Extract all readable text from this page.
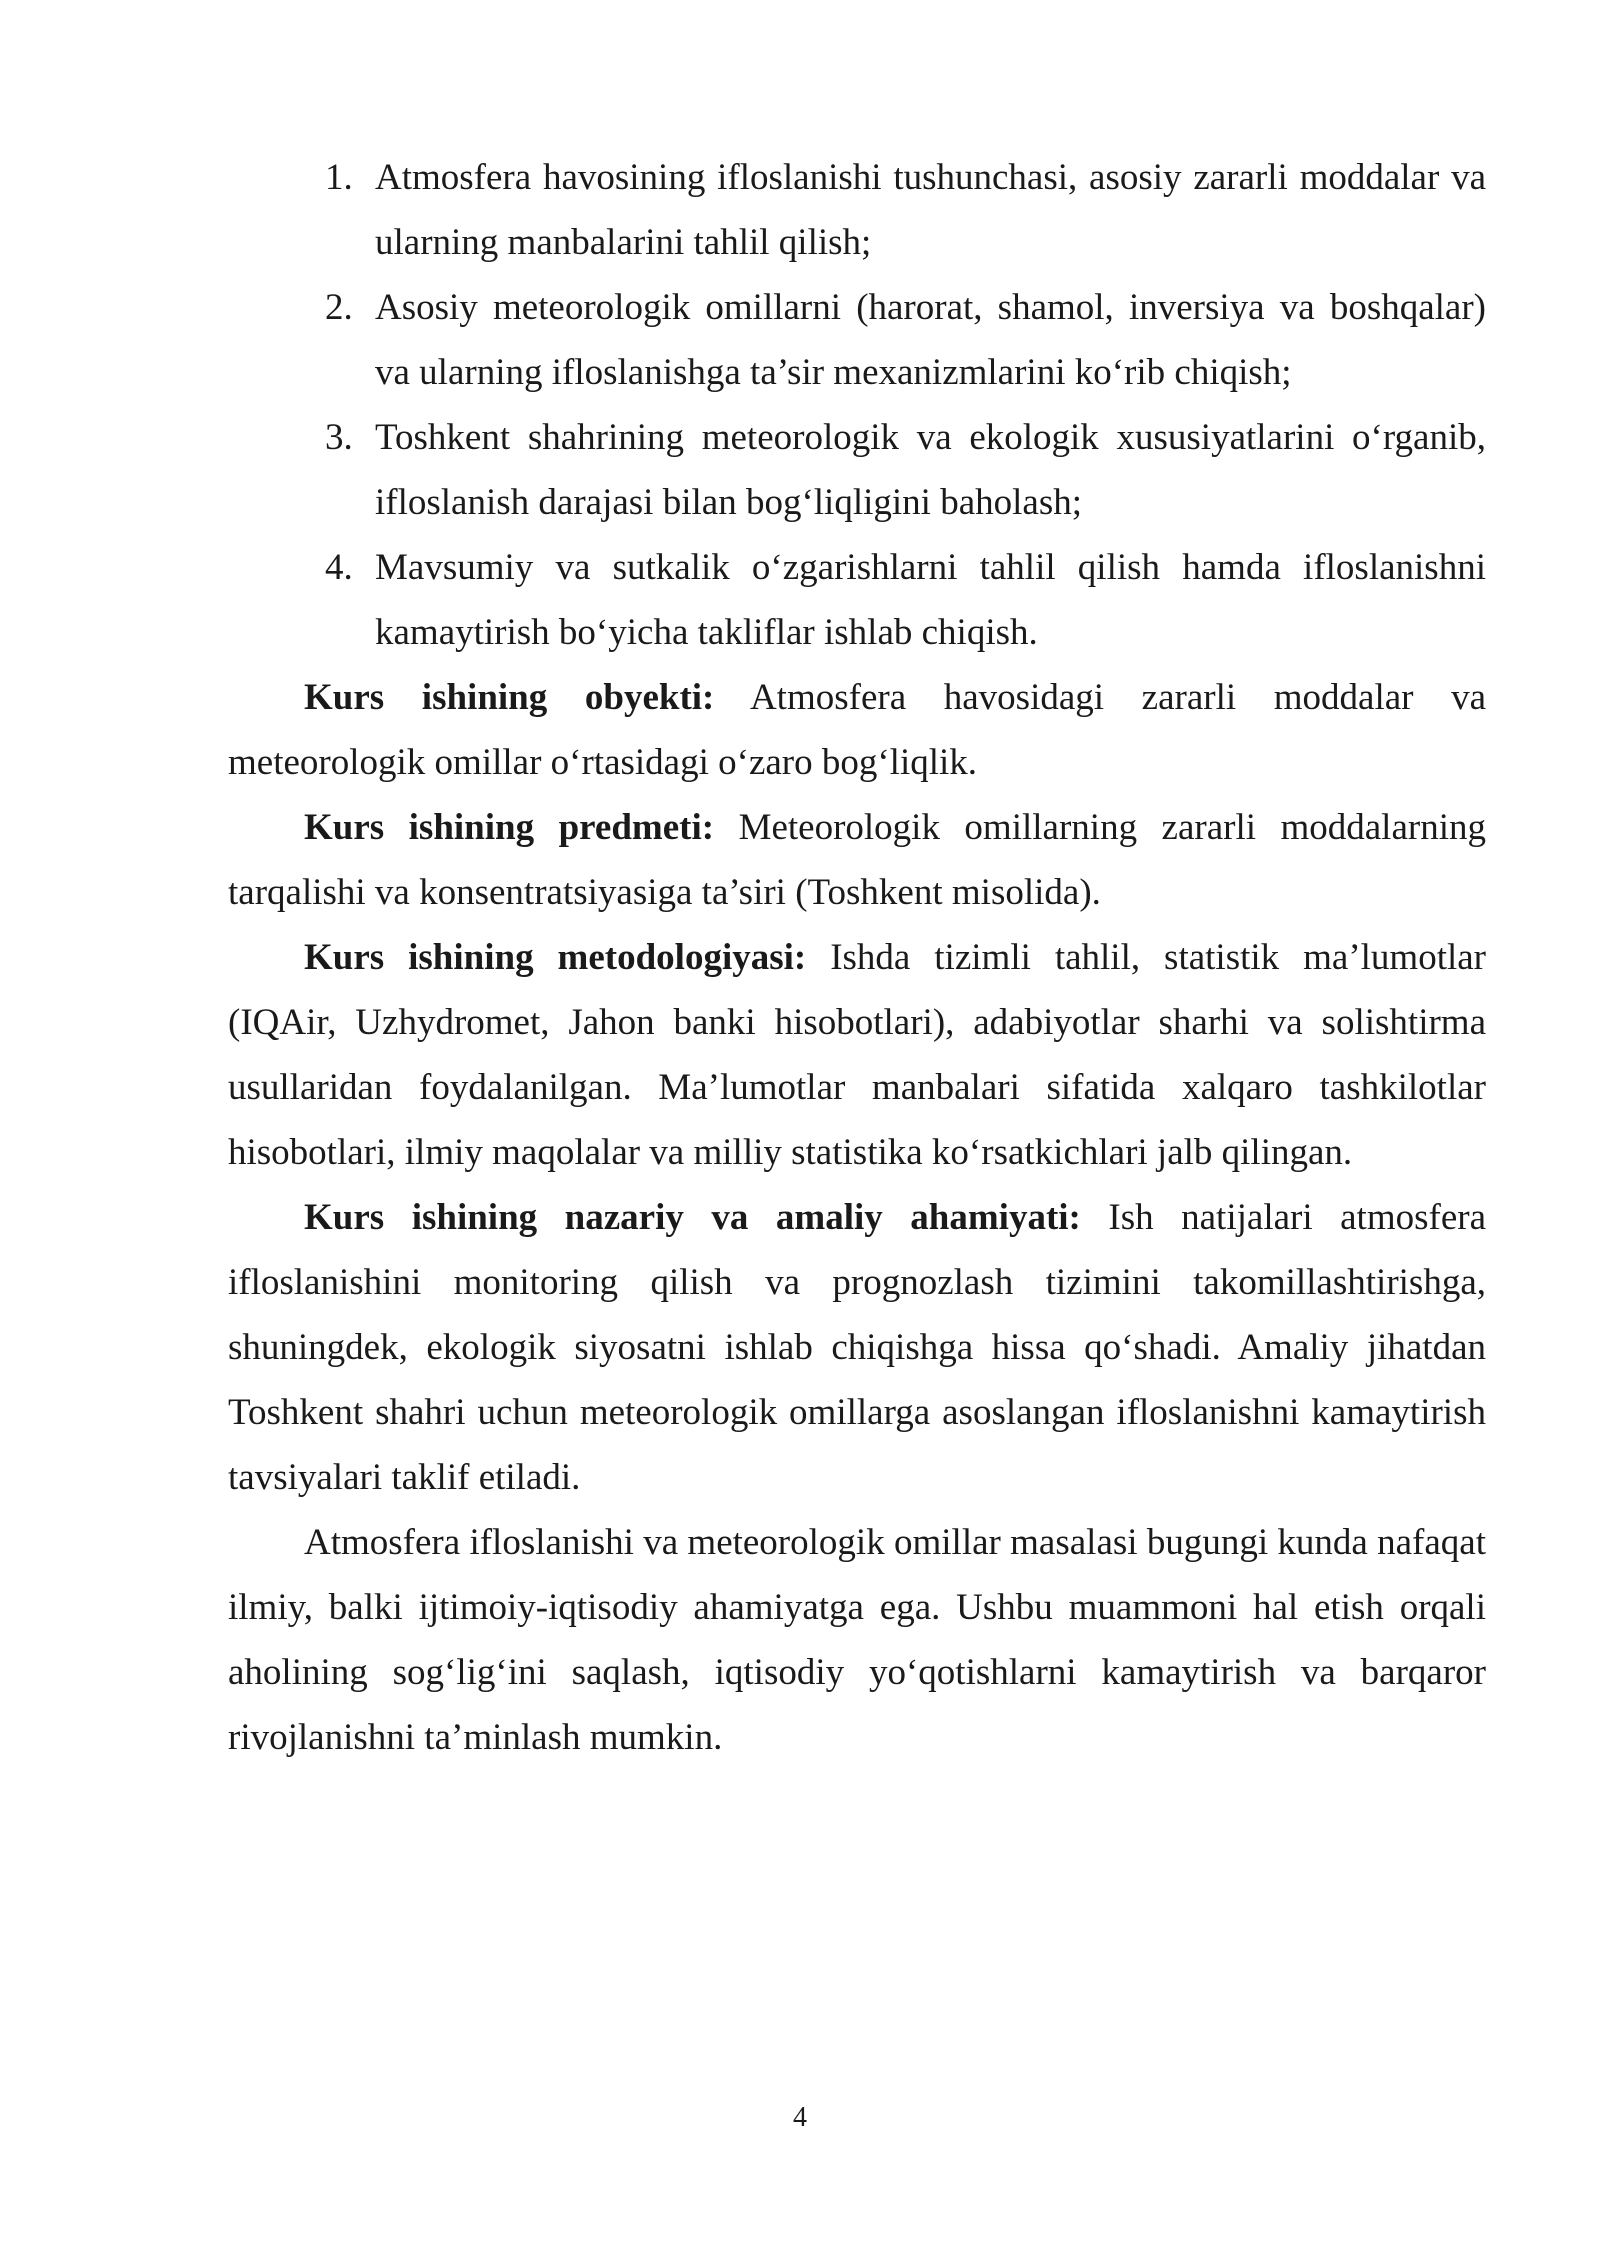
1. Atmosfera havosining ifloslanishi tushunchasi, asosiy zararli moddalar va ularning manbalarini tahlil qilish;
2. Asosiy meteorologik omillarni (harorat, shamol, inversiya va boshqalar) va ularning ifloslanishga ta’sir mexanizmlarini ko‘rib chiqish;
3. Toshkent shahrining meteorologik va ekologik xususiyatlarini o‘rganib, ifloslanish darajasi bilan bog‘liqligini baholash;
4. Mavsumiy va sutkalik o‘zgarishlarni tahlil qilish hamda ifloslanishni kamaytirish bo‘yicha takliflar ishlab chiqish.

Kurs ishining obyekti: Atmosfera havosidagi zararli moddalar va meteorologik omillar o‘rtasidagi o‘zaro bog‘liqlik.

Kurs ishining predmeti: Meteorologik omillarning zararli moddalarning tarqalishi va konsentratsiyasiga ta’siri (Toshkent misolida).

Kurs ishining metodologiyasi: Ishda tizimli tahlil, statistik ma’lumotlar (IQAir, Uzhydromet, Jahon banki hisobotlari), adabiyotlar sharhi va solishtirma usullaridan foydalanilgan. Ma’lumotlar manbalari sifatida xalqaro tashkilotlar hisobotlari, ilmiy maqolalar va milliy statistika ko‘rsatkichlari jalb qilingan.

Kurs ishining nazariy va amaliy ahamiyati: Ish natijalari atmosfera ifloslanishini monitoring qilish va prognozlash tizimini takomillashtirishga, shuningdek, ekologik siyosatni ishlab chiqishga hissa qo‘shadi. Amaliy jihatdan Toshkent shahri uchun meteorologik omillarga asoslangan ifloslanishni kamaytirish tavsiyalari taklif etiladi.

Atmosfera ifloslanishi va meteorologik omillar masalasi bugungi kunda nafaqat ilmiy, balki ijtimoiy-iqtisodiy ahamiyatga ega. Ushbu muammoni hal etish orqali aholining sog‘lig‘ini saqlash, iqtisodiy yo‘qotishlarni kamaytirish va barqaror rivojlanishni ta’minlash mumkin.

4
